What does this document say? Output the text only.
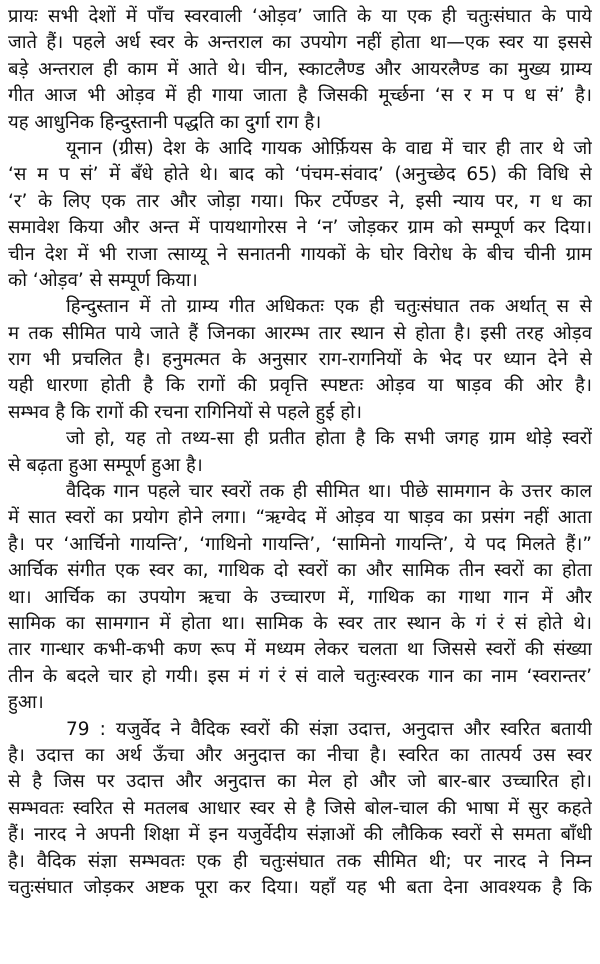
प्रायः सभी देशों में पाँच स्वरवाली ‘ओड़व’ जाति के या एक ही चतुःसंघात के पाये
जाते हैं। पहले अर्ध स्वर के अन्तराल का उपयोग नहीं होता था—एक स्वर या इससे
बड़े अन्तराल ही काम में आते थे। चीन, स्काटलैण्ड और आयरलैण्ड का मुख्य ग्राम्य
गीत आज भी ओड़व में ही गाया जाता है जिसकी मूर्च्छना ‘स र म प ध सं’ है।
यह आधुनिक हिन्दुस्तानी पद्धति का दुर्गा राग है।
यूनान (ग्रीस) देश के आदि गायक ओर्फ़ियस के वाद्य में चार ही तार थे जो
‘स म प सं’ में बँधे होते थे। बाद को ‘पंचम-संवाद’ (अनुच्छेद 65) की विधि से
‘र’ के लिए एक तार और जोड़ा गया। फिर टर्पेण्डर ने, इसी न्याय पर, ग ध का
समावेश किया और अन्त में पायथागोरस ने ‘न’ जोड़कर ग्राम को सम्पूर्ण कर दिया।
चीन देश में भी राजा त्साय्यू ने सनातनी गायकों के घोर विरोध के बीच चीनी ग्राम
को ‘ओड़व’ से सम्पूर्ण किया।
हिन्दुस्तान में तो ग्राम्य गीत अधिकतः एक ही चतुःसंघात तक अर्थात् स से
म तक सीमित पाये जाते हैं जिनका आरम्भ तार स्थान से होता है। इसी तरह ओड़व
राग भी प्रचलित है। हनुमत्मत के अनुसार राग-रागनियों के भेद पर ध्यान देने से
यही धारणा होती है कि रागों की प्रवृत्ति स्पष्टतः ओड़व या षाड़व की ओर है।
सम्भव है कि रागों की रचना रागिनियों से पहले हुई हो।
जो हो, यह तो तथ्य-सा ही प्रतीत होता है कि सभी जगह ग्राम थोड़े स्वरों
से बढ़ता हुआ सम्पूर्ण हुआ है।
वैदिक गान पहले चार स्वरों तक ही सीमित था। पीछे सामगान के उत्तर काल
में सात स्वरों का प्रयोग होने लगा। “ऋग्वेद में ओड़व या षाड़व का प्रसंग नहीं आता
है। पर ‘आर्चिनो गायन्ति’, ‘गाथिनो गायन्ति’, ‘सामिनो गायन्ति’, ये पद मिलते हैं।”
आर्चिक संगीत एक स्वर का, गाथिक दो स्वरों का और सामिक तीन स्वरों का होता
था। आर्चिक का उपयोग ऋचा के उच्चारण में, गाथिक का गाथा गान में और
सामिक का सामगान में होता था। सामिक के स्वर तार स्थान के गं रं सं होते थे।
तार गान्धार कभी-कभी कण रूप में मध्यम लेकर चलता था जिससे स्वरों की संख्या
तीन के बदले चार हो गयी। इस मं गं रं सं वाले चतुःस्वरक गान का नाम ‘स्वरान्तर’
हुआ।
79 : यजुर्वेद ने वैदिक स्वरों की संज्ञा उदात्त, अनुदात्त और स्वरित बतायी
है। उदात्त का अर्थ ऊँचा और अनुदात्त का नीचा है। स्वरित का तात्पर्य उस स्वर
से है जिस पर उदात्त और अनुदात्त का मेल हो और जो बार-बार उच्चारित हो।
सम्भवतः स्वरित से मतलब आधार स्वर से है जिसे बोल-चाल की भाषा में सुर कहते
हैं। नारद ने अपनी शिक्षा में इन यजुर्वेदीय संज्ञाओं की लौकिक स्वरों से समता बाँधी
है। वैदिक संज्ञा सम्भवतः एक ही चतुःसंघात तक सीमित थी; पर नारद ने निम्न
चतुःसंघात जोड़कर अष्टक पूरा कर दिया। यहाँ यह भी बता देना आवश्यक है कि
